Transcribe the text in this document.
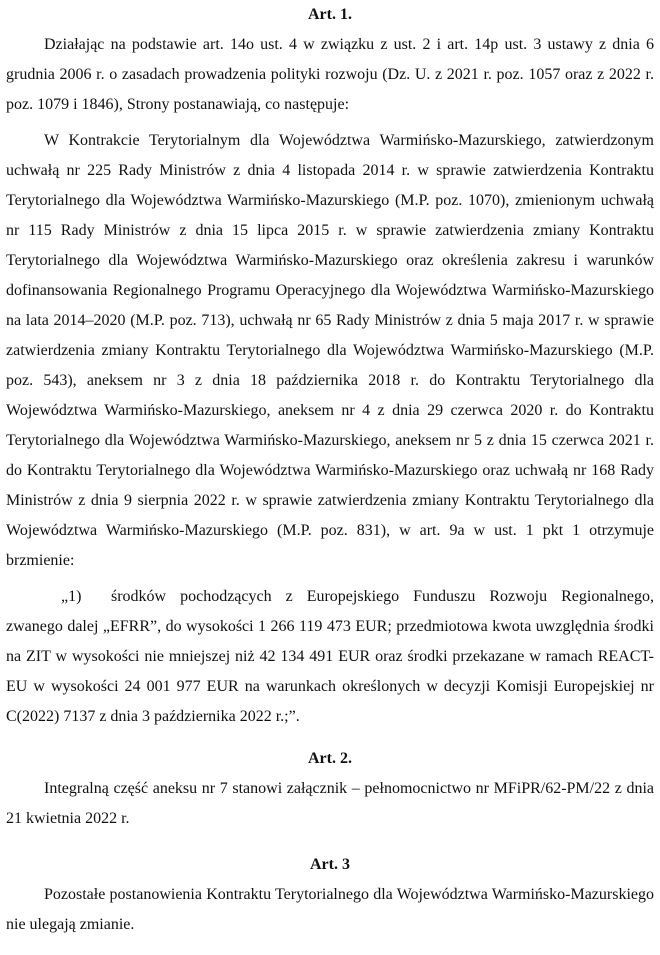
Art. 1.

Działając na podstawie art. 14o ust. 4 w związku z ust. 2 i art. 14p ust. 3 ustawy z dnia 6 grudnia 2006 r. o zasadach prowadzenia polityki rozwoju (Dz. U. z 2021 r. poz. 1057 oraz z 2022 r. poz. 1079 i 1846), Strony postanawiają, co następuje:

W Kontrakcie Terytorialnym dla Województwa Warmińsko-Mazurskiego, zatwierdzonym uchwałą nr 225 Rady Ministrów z dnia 4 listopada 2014 r. w sprawie zatwierdzenia Kontraktu Terytorialnego dla Województwa Warmińsko-Mazurskiego (M.P. poz. 1070), zmienionym uchwałą nr 115 Rady Ministrów z dnia 15 lipca 2015 r. w sprawie zatwierdzenia zmiany Kontraktu Terytorialnego dla Województwa Warmińsko-Mazurskiego oraz określenia zakresu i warunków dofinansowania Regionalnego Programu Operacyjnego dla Województwa Warmińsko-Mazurskiego na lata 2014–2020 (M.P. poz. 713), uchwałą nr 65 Rady Ministrów z dnia 5 maja 2017 r. w sprawie zatwierdzenia zmiany Kontraktu Terytorialnego dla Województwa Warmińsko-Mazurskiego (M.P. poz. 543), aneksem nr 3 z dnia 18 października 2018 r. do Kontraktu Terytorialnego dla Województwa Warmińsko-Mazurskiego, aneksem nr 4 z dnia 29 czerwca 2020 r. do Kontraktu Terytorialnego dla Województwa Warmińsko-Mazurskiego, aneksem nr 5 z dnia 15 czerwca 2021 r. do Kontraktu Terytorialnego dla Województwa Warmińsko-Mazurskiego oraz uchwałą nr 168 Rady Ministrów z dnia 9 sierpnia 2022 r. w sprawie zatwierdzenia zmiany Kontraktu Terytorialnego dla Województwa Warmińsko-Mazurskiego (M.P. poz. 831), w art. 9a w ust. 1 pkt 1 otrzymuje brzmienie:

„1) środków pochodzących z Europejskiego Funduszu Rozwoju Regionalnego, zwanego dalej „EFRR”, do wysokości 1 266 119 473 EUR; przedmiotowa kwota uwzględnia środki na ZIT w wysokości nie mniejszej niż 42 134 491 EUR oraz środki przekazane w ramach REACT-EU w wysokości 24 001 977 EUR na warunkach określonych w decyzji Komisji Europejskiej nr C(2022) 7137 z dnia 3 października 2022 r.;”.

Art. 2.

Integralną część aneksu nr 7 stanowi załącznik – pełnomocnictwo nr MFiPR/62-PM/22 z dnia 21 kwietnia 2022 r.

Art. 3

Pozostałe postanowienia Kontraktu Terytorialnego dla Województwa Warmińsko-Mazurskiego nie ulegają zmianie.
